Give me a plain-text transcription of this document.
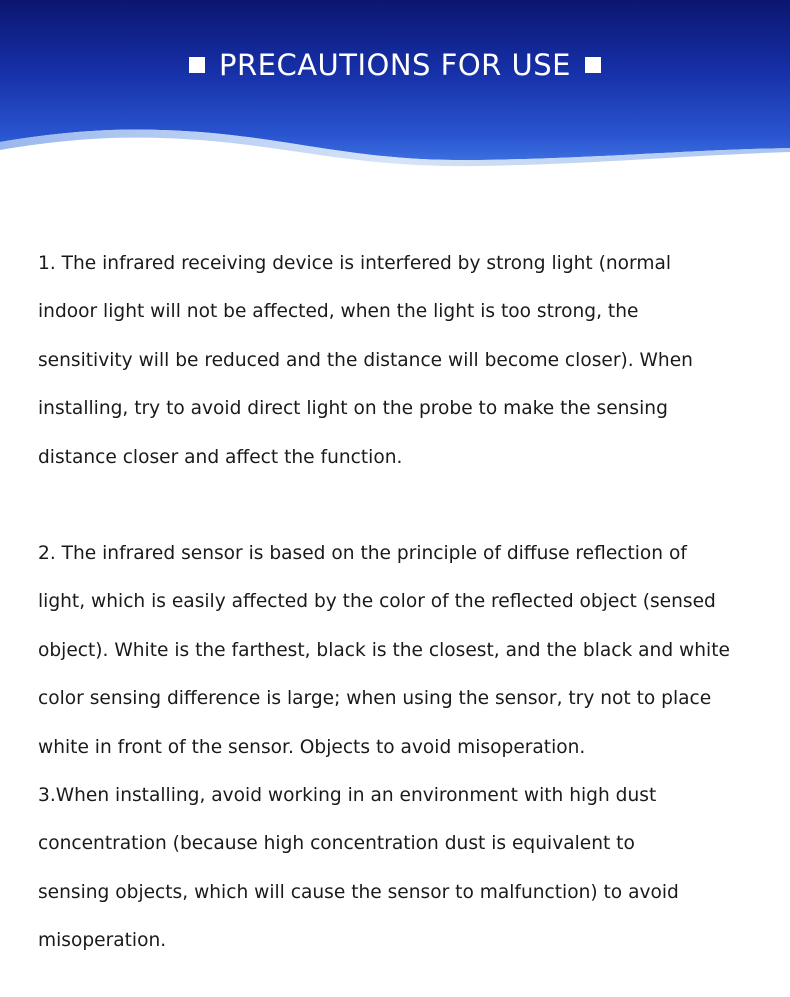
PRECAUTIONS FOR USE

1. The infrared receiving device is interfered by strong light (normal
indoor light will not be affected, when the light is too strong, the
sensitivity will be reduced and the distance will become closer). When
installing, try to avoid direct light on the probe to make the sensing
distance closer and affect the function.

2. The infrared sensor is based on the principle of diffuse reflection of
light, which is easily affected by the color of the reflected object (sensed
object). White is the farthest, black is the closest, and the black and white
color sensing difference is large; when using the sensor, try not to place
white in front of the sensor. Objects to avoid misoperation.

3.When installing, avoid working in an environment with high dust
concentration (because high concentration dust is equivalent to
sensing objects, which will cause the sensor to malfunction) to avoid
misoperation.
